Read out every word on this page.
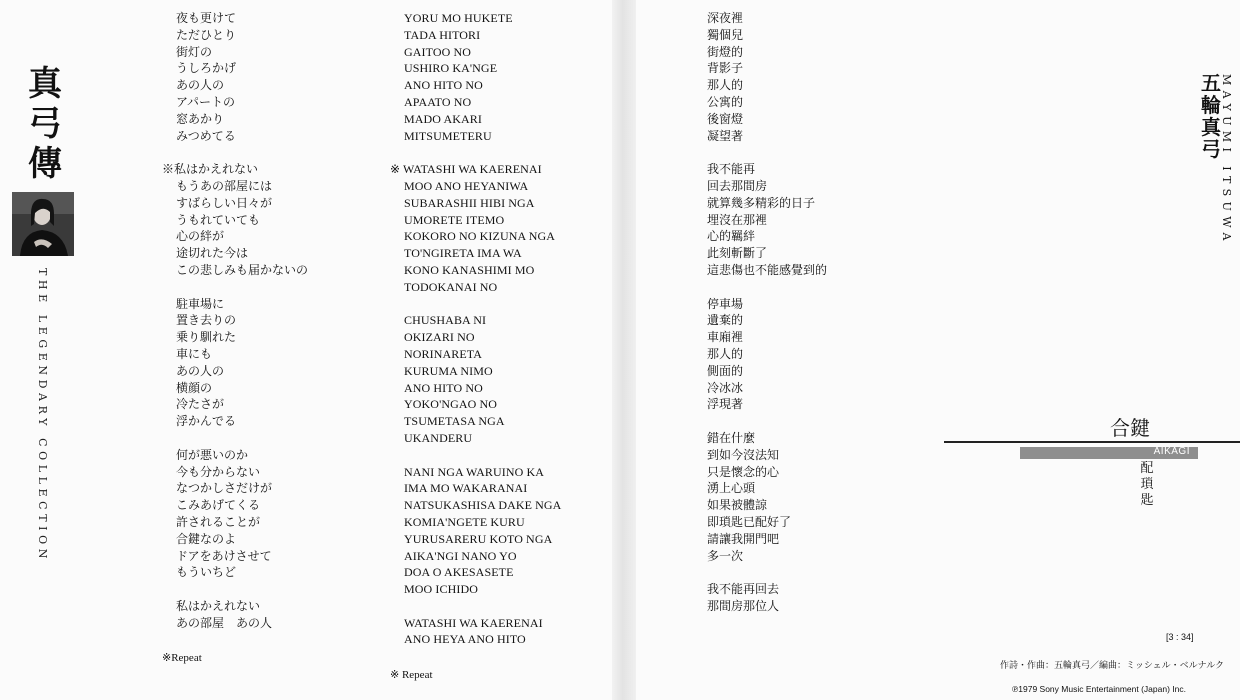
真
弓
傳
THE LEGENDARY COLLECTION
夜も更けて
ただひとり
街灯の
うしろかげ
あの人の
アパートの
窓あかり
みつめてる
※私はかえれない
もうあの部屋には
すばらしい日々が
うもれていても
心の絆が
途切れた今は
この悲しみも届かないの
駐車場に
置き去りの
乗り馴れた
車にも
あの人の
横顔の
冷たさが
浮かんでる
何が悪いのか
今も分からない
なつかしさだけが
こみあげてくる
許されることが
合鍵なのよ
ドアをあけさせて
もういちど
私はかえれない
あの部屋　あの人
※Repeat
YORU MO HUKETE
TADA HITORI
GAITOO NO
USHIRO KA'NGE
ANO HITO NO
APAATO NO
MADO AKARI
MITSUMETERU
※ WATASHI WA KAERENAI
MOO ANO HEYANIWA
SUBARASHII HIBI NGA
UMORETE ITEMO
KOKORO NO KIZUNA NGA
TO'NGIRETA IMA WA
KONO KANASHIMI MO
TODOKANAI NO
CHUSHABA NI
OKIZARI NO
NORINARETA
KURUMA NIMO
ANO HITO NO
YOKO'NGAO NO
TSUMETASA NGA
UKANDERU
NANI NGA WARUINO KA
IMA MO WAKARANAI
NATSUKASHISA DAKE NGA
KOMIA'NGETE KURU
YURUSARERU KOTO NGA
AIKA'NGI NANO YO
DOA O AKESASETE
MOO ICHIDO
WATASHI WA KAERENAI
ANO HEYA ANO HITO
※ Repeat
深夜裡
獨個兒
街燈的
背影子
那人的
公寓的
後窗燈
凝望著
我不能再
回去那間房
就算幾多精彩的日子
埋沒在那裡
心的羈絆
此刻斬斷了
這悲傷也不能感覺到的
停車場
遺棄的
車廂裡
那人的
側面的
冷冰冰
浮現著
錯在什麼
到如今沒法知
只是懷念的心
湧上心頭
如果被體諒
即瑣匙已配好了
請讓我開門吧
多一次
我不能再回去
那間房那位人
五
輪
真
弓 MAYUMI ITSUWA
合鍵
AIKAGI
配
瑣
匙
[3 : 34]
作詩・作曲：五輪真弓／編曲：ミッシェル・ベルナルク
℗1979 Sony Music Entertainment (Japan) Inc.
